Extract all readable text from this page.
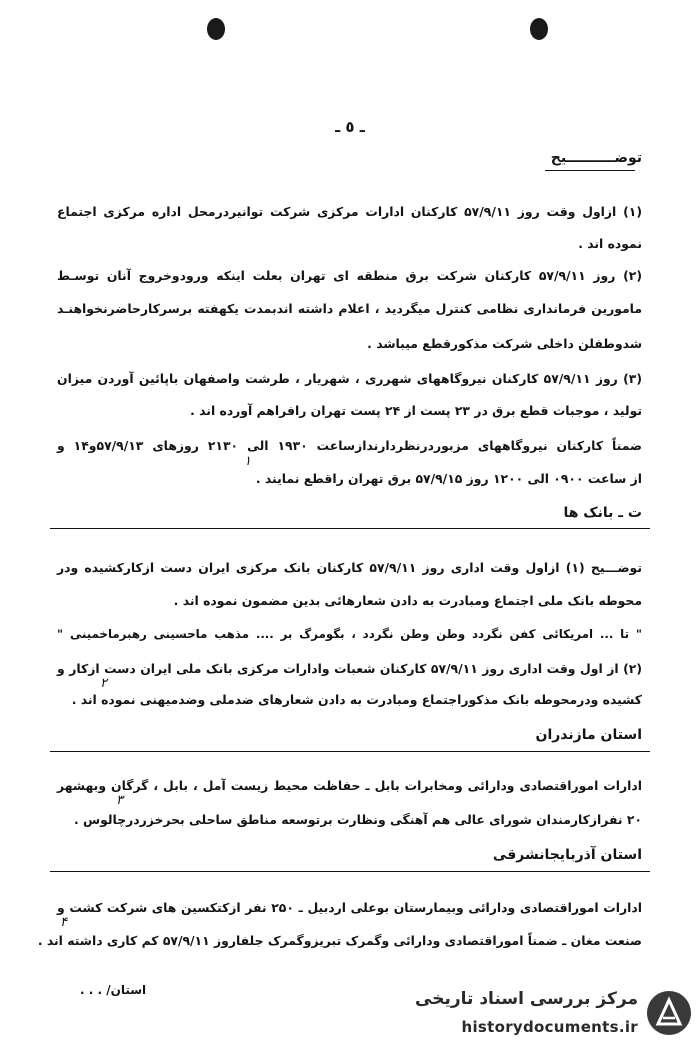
ـ ٥ ـ
توضــــــــــيح
(۱) ازاول وقت روز ۵۷/۹/۱۱ کارکنان ادارات مرکزی شرکت توانیردرمحل اداره مرکزی اجتماع
نموده اند .
(۲) روز ۵۷/۹/۱۱ کارکنان شرکت برق منطقه ای تهران بعلت اینکه ورودوخروج آنان توسـط
مامورین فرمانداری نظامی کنترل میگردید ، اعلام داشته اندبمدت یکهفته برسرکارحاضرنخواهنـد
شدوطفلن داخلی شرکت مذکورقطع میباشد .
(۳) روز ۵۷/۹/۱۱ کارکنان نیروگاههای شهرری ، شهریار ، طرشت واصفهان باپائین آوردن میزان
تولید ، موجبات قطع برق در ۲۳ پست از ۲۴ پست تهران رافراهم آورده اند .
ضمناً کارکنان نیروگاههای مزبوردرنظردارندازساعت ۱۹۳۰ الی ۲۱۳۰ روزهای ۵۷/۹/۱۳و۱۴ و
از ساعت ۰۹۰۰ الی ۱۲۰۰ روز ۵۷/۹/۱۵ برق تهران راقطع نمایند .
۱
ت ـ بانک ها
توضـــیح (۱) ازاول وقت اداری روز ۵۷/۹/۱۱ کارکنان بانک مرکزی ایران دست ازکارکشیده ودر
محوطه بانک ملی اجتماع ومبادرت به دادن شعارهائی بدین مضمون نموده اند .
" تا ... امریکائی کفن نگردد وطن وطن نگردد ، بگومرگ بر .... مذهب ماحسینی رهبرماخمینی "
(۲) از اول وقت اداری روز ۵۷/۹/۱۱ کارکنان شعبات وادارات مرکزی بانک ملی ایران دست ازکار و
کشیده ودرمحوطه بانک مذکوراجتماع ومبادرت به دادن شعارهای ضدملی وضدمیهنی نموده اند .
۲
استان مازندران
ادارات اموراقتصادی ودارائی ومخابرات بابل ـ حفاظت محیط زیست آمل ، بابل ، گرگان وبهشهر
۲۰ نفرازکارمندان شورای عالی هم آهنگی ونظارت برتوسعه مناطق ساحلی بحرخزردرچالوس .
۳
استان آذربایجانشرقی
ادارات اموراقتصادی ودارائی وبیمارستان بوعلی اردبیل ـ ۲۵۰ نفر ازکتکسین های شرکت کشت و
صنعت مغان ـ ضمناً اموراقتصادی ودارائی وگمرک تبریزوگمرک جلفاروز ۵۷/۹/۱۱ کم کاری داشته اند .
۴
استان/ . . .	مرکز بررسی اسناد تاریخی
historydocuments.ir
